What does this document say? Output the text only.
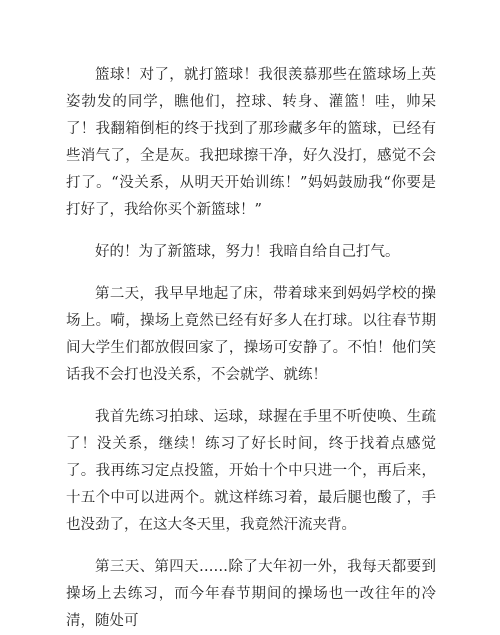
篮球！对了，就打篮球！我很羡慕那些在篮球场上英姿勃发的同学，瞧他们，控球、转身、灌篮！哇，帅呆了！我翻箱倒柜的终于找到了那珍藏多年的篮球，已经有些消气了，全是灰。我把球擦干净，好久没打，感觉不会打了。“没关系，从明天开始训练！”妈妈鼓励我“你要是打好了，我给你买个新篮球！”

好的！为了新篮球，努力！我暗自给自己打气。

第二天，我早早地起了床，带着球来到妈妈学校的操场上。嗬，操场上竟然已经有好多人在打球。以往春节期间大学生们都放假回家了，操场可安静了。不怕！他们笑话我不会打也没关系，不会就学、就练！

我首先练习拍球、运球，球握在手里不听使唤、生疏了！没关系，继续！练习了好长时间，终于找着点感觉了。我再练习定点投篮，开始十个中只进一个，再后来，十五个中可以进两个。就这样练习着，最后腿也酸了，手也没劲了，在这大冬天里，我竟然汗流夹背。

第三天、第四天……除了大年初一外，我每天都要到操场上去练习，而今年春节期间的操场也一改往年的冷清，随处可
